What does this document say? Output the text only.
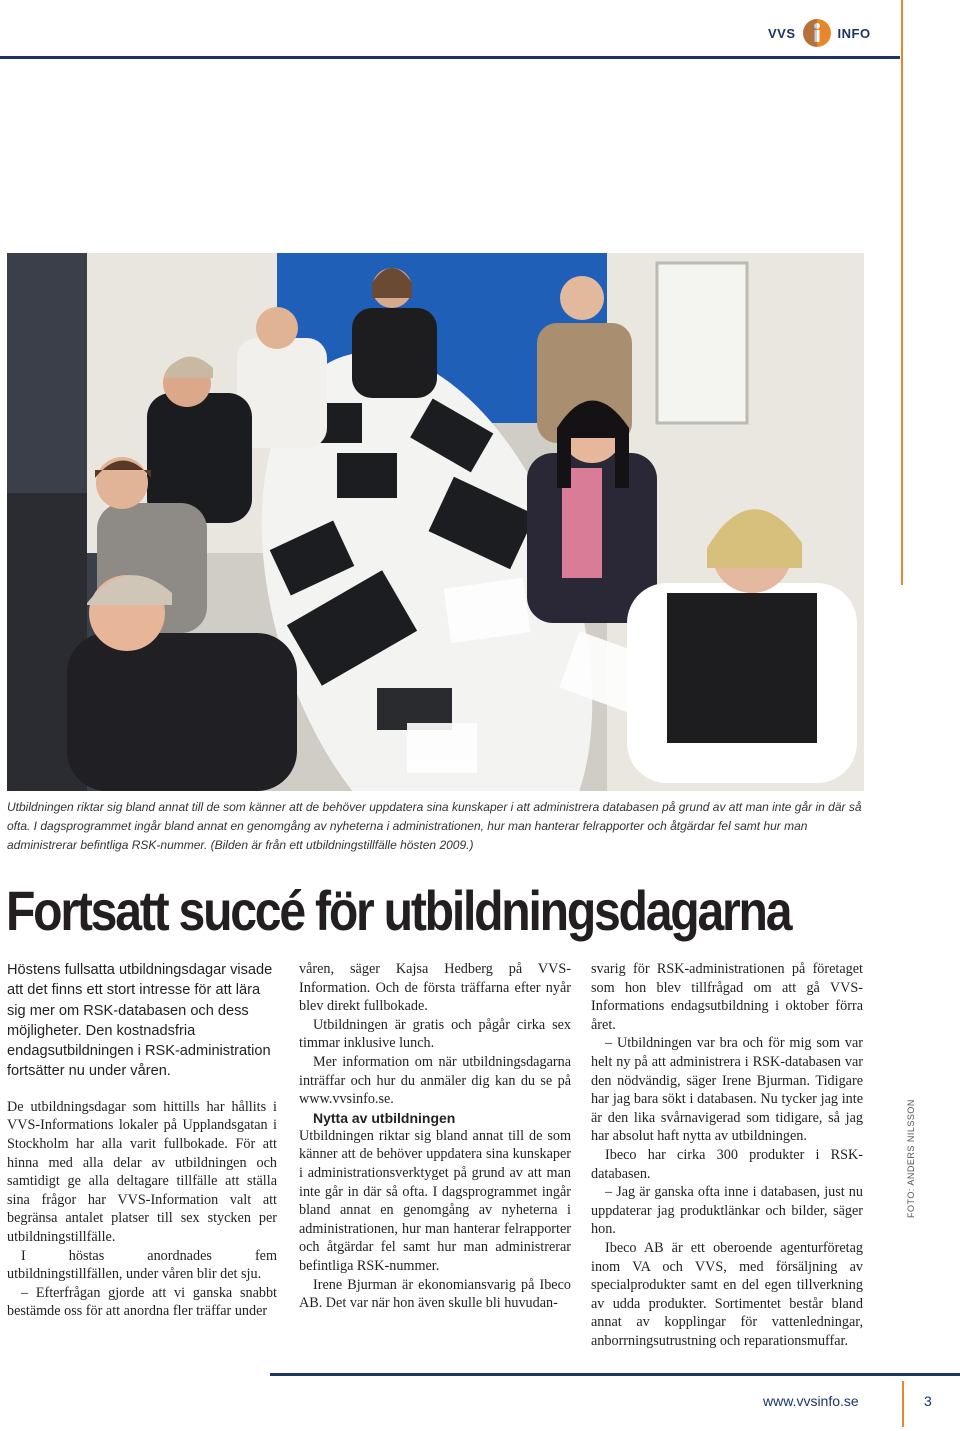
VVS	INFO

Utbildningen riktar sig bland annat till de som känner att de behöver uppdatera sina kunskaper i att administrera databasen på grund av att man inte går in där så ofta. I dagsprogrammet ingår bland annat en genomgång av nyheterna i administrationen, hur man hanterar felrapporter och åtgärdar fel samt hur man administrerar befintliga RSK-nummer. (Bilden är från ett utbildningstillfälle hösten 2009.)

Fortsatt succé för utbildningsdagarna

Höstens fullsatta utbildningsdagar visade att det finns ett stort intresse för att lära sig mer om RSK-databasen och dess möjligheter. Den kostnadsfria endagsutbildningen i RSK-administration fortsätter nu under våren.

De utbildningsdagar som hittills har hållits i VVS-Informations lokaler på Upplandsgatan i Stockholm har alla varit fullbokade. För att hinna med alla delar av utbildningen och samtidigt ge alla deltagare tillfälle att ställa sina frågor har VVS-Information valt att begränsa antalet platser till sex stycken per utbildningstillfälle.

I höstas anordnades fem utbildningstillfällen, under våren blir det sju.

– Efterfrågan gjorde att vi ganska snabbt bestämde oss för att anordna fler träffar under

våren, säger Kajsa Hedberg på VVS-Information. Och de första träffarna efter nyår blev direkt fullbokade.

Utbildningen är gratis och pågår cirka sex timmar inklusive lunch.

Mer information om när utbildningsdagarna inträffar och hur du anmäler dig kan du se på www.vvsinfo.se.

Nytta av utbildningen

Utbildningen riktar sig bland annat till de som känner att de behöver uppdatera sina kunskaper i administrationsverktyget på grund av att man inte går in där så ofta. I dagsprogrammet ingår bland annat en genomgång av nyheterna i administrationen, hur man hanterar felrapporter och åtgärdar fel samt hur man administrerar befintliga RSK-nummer.

Irene Bjurman är ekonomiansvarig på Ibeco AB. Det var när hon även skulle bli huvudan-

svarig för RSK-administrationen på företaget som hon blev tillfrågad om att gå VVS-Informations endagsutbildning i oktober förra året.

– Utbildningen var bra och för mig som var helt ny på att administrera i RSK-databasen var den nödvändig, säger Irene Bjurman. Tidigare har jag bara sökt i databasen. Nu tycker jag inte är den lika svårnavigerad som tidigare, så jag har absolut haft nytta av utbildningen.

Ibeco har cirka 300 produkter i RSK-databasen.

– Jag är ganska ofta inne i databasen, just nu uppdaterar jag produktlänkar och bilder, säger hon.

Ibeco AB är ett oberoende agenturföretag inom VA och VVS, med försäljning av specialprodukter samt en del egen tillverkning av udda produkter. Sortimentet består bland annat av kopplingar för vattenledningar, anborrningsutrustning och reparationsmuffar.

FOTO: ANDERS NILSSON
www.vvsinfo.se	3
